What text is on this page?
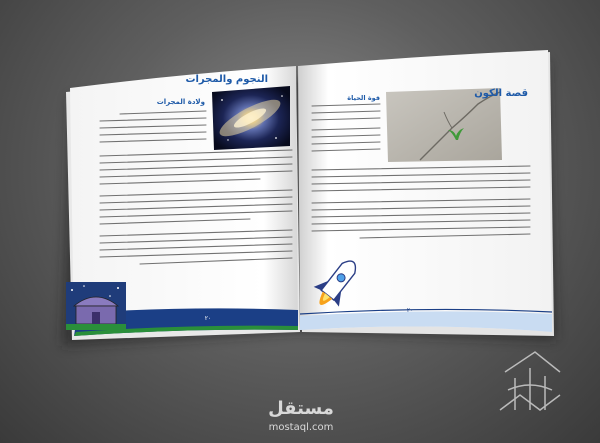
النجوم والمجرات
ولادة المجرات
قصة الكون
قوة الحياة
٢٠
٢٠
مستقل
mostaql.com
